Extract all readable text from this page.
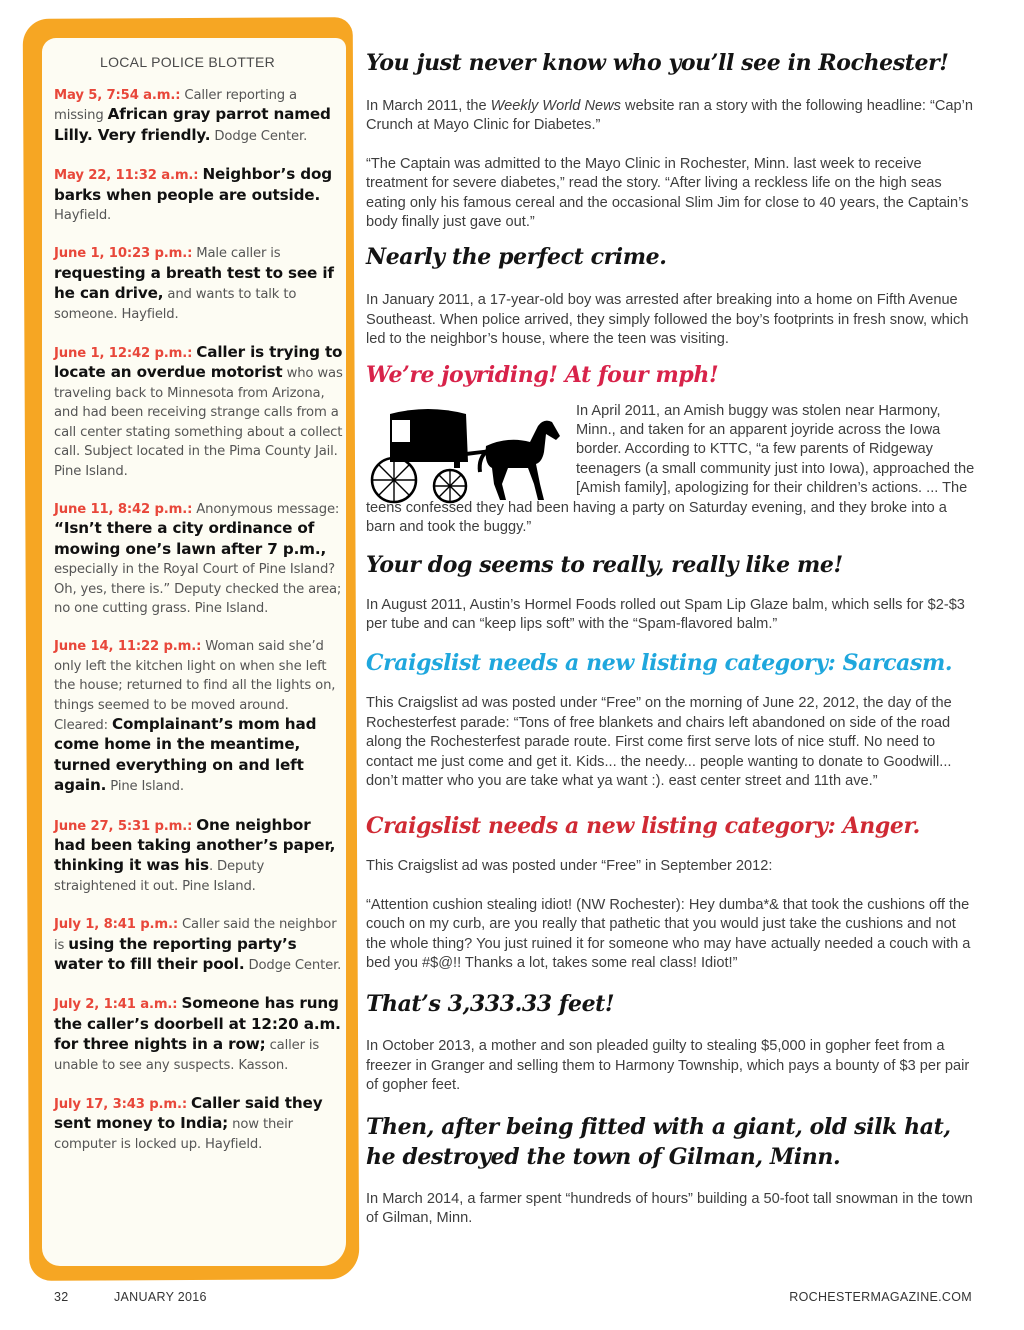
LOCAL POLICE BLOTTER
May 5, 7:54 a.m.: Caller reporting a missing African gray parrot named Lilly. Very friendly. Dodge Center.
May 22, 11:32 a.m.: Neighbor’s dog barks when people are outside. Hayfield.
June 1, 10:23 p.m.: Male caller is requesting a breath test to see if he can drive, and wants to talk to someone. Hayfield.
June 1, 12:42 p.m.: Caller is trying to locate an overdue motorist who was traveling back to Minnesota from Arizona, and had been receiving strange calls from a call center stating something about a collect call. Subject located in the Pima County Jail. Pine Island.
June 11, 8:42 p.m.: Anonymous message: “Isn’t there a city ordinance of mowing one’s lawn after 7 p.m., especially in the Royal Court of Pine Island? Oh, yes, there is.” Deputy checked the area; no one cutting grass. Pine Island.
June 14, 11:22 p.m.: Woman said she’d only left the kitchen light on when she left the house; returned to find all the lights on, things seemed to be moved around. Cleared: Complainant’s mom had come home in the meantime, turned everything on and left again. Pine Island.
June 27, 5:31 p.m.: One neighbor had been taking another’s paper, thinking it was his. Deputy straightened it out. Pine Island.
July 1, 8:41 p.m.: Caller said the neighbor is using the reporting party’s water to fill their pool. Dodge Center.
July 2, 1:41 a.m.: Someone has rung the caller’s doorbell at 12:20 a.m. for three nights in a row; caller is unable to see any suspects. Kasson.
July 17, 3:43 p.m.: Caller said they sent money to India; now their computer is locked up. Hayfield.
You just never know who you’ll see in Rochester!

In March 2011, the Weekly World News website ran a story with the following headline: “Cap’n Crunch at Mayo Clinic for Diabetes.”

“The Captain was admitted to the Mayo Clinic in Rochester, Minn. last week to receive treatment for severe diabetes,” read the story. “After living a reckless life on the high seas eating only his famous cereal and the occasional Slim Jim for close to 40 years, the Captain’s body finally just gave out.”

Nearly the perfect crime.

In January 2011, a 17-year-old boy was arrested after breaking into a home on Fifth Avenue Southeast. When police arrived, they simply followed the boy’s footprints in fresh snow, which led to the neighbor’s house, where the teen was visiting.

We’re joyriding! At four mph!

In April 2011, an Amish buggy was stolen near Harmony, Minn., and taken for an apparent joyride across the Iowa border. According to KTTC, “a few parents of Ridgeway teenagers (a small community just into Iowa), approached the [Amish family], apologizing for their children’s actions. ... The teens confessed they had been having a party on Saturday evening, and they broke into a barn and took the buggy.”

Your dog seems to really, really like me!

In August 2011, Austin’s Hormel Foods rolled out Spam Lip Glaze balm, which sells for $2-$3 per tube and can “keep lips soft” with the “Spam-flavored balm.”

Craigslist needs a new listing category: Sarcasm.

This Craigslist ad was posted under “Free” on the morning of June 22, 2012, the day of the Rochesterfest parade: “Tons of free blankets and chairs left abandoned on side of the road along the Rochesterfest parade route. First come first serve lots of nice stuff. No need to contact me just come and get it. Kids... the needy... people wanting to donate to Goodwill... don’t matter who you are take what ya want :). east center street and 11th ave.”

Craigslist needs a new listing category: Anger.

This Craigslist ad was posted under “Free” in September 2012:

“Attention cushion stealing idiot! (NW Rochester): Hey dumba*& that took the cushions off the couch on my curb, are you really that pathetic that you would just take the cushions and not the whole thing? You just ruined it for someone who may have actually needed a couch with a bed you #$@!! Thanks a lot, takes some real class! Idiot!”

That’s 3,333.33 feet!

In October 2013, a mother and son pleaded guilty to stealing $5,000 in gopher feet from a freezer in Granger and selling them to Harmony Township, which pays a bounty of $3 per pair of gopher feet.

Then, after being fitted with a giant, old silk hat,
he destroyed the town of Gilman, Minn.

In March 2014, a farmer spent “hundreds of hours” building a 50-foot tall snowman in the town of Gilman, Minn.

32	JANUARY 2016	ROCHESTERMAGAZINE.COM
